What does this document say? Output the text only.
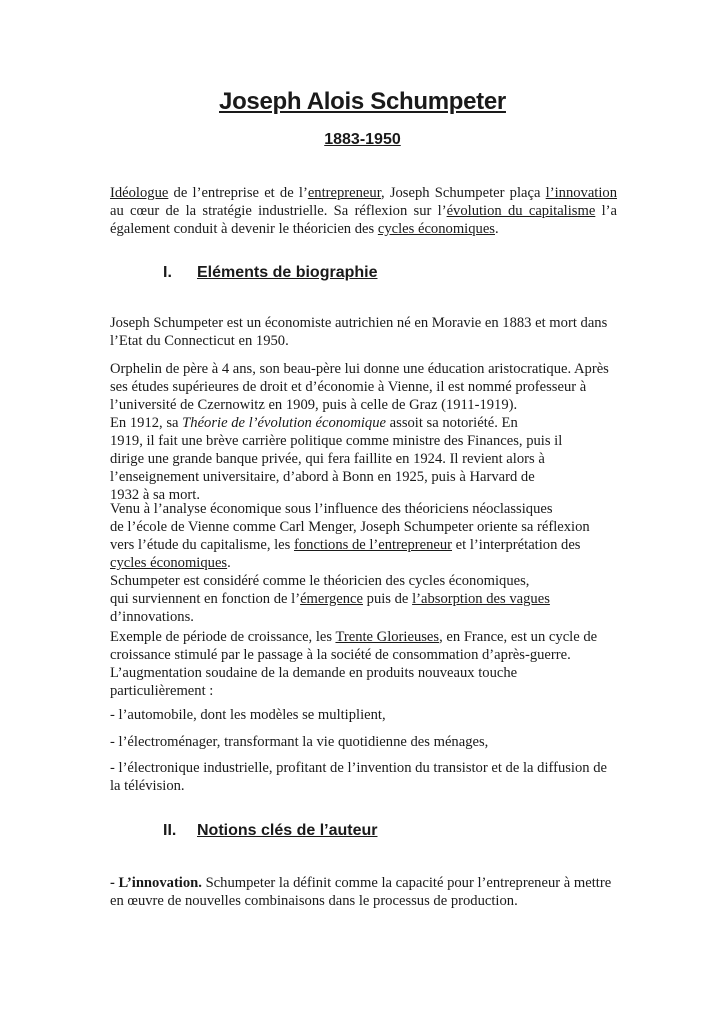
Joseph Alois Schumpeter
1883-1950

Idéologue de l’entreprise et de l’entrepreneur, Joseph Schumpeter plaça l’innovation au cœur de la stratégie industrielle. Sa réflexion sur l’évolution du capitalisme l’a également conduit à devenir le théoricien des cycles économiques.

I. Eléments de biographie
Joseph Schumpeter est un économiste autrichien né en Moravie en 1883 et mort dans
l’Etat du Connecticut en 1950.
Orphelin de père à 4 ans, son beau-père lui donne une éducation aristocratique. Après
ses études supérieures de droit et d’économie à Vienne, il est nommé professeur à
l’université de Czernowitz en 1909, puis à celle de Graz (1911-1919).
En 1912, sa Théorie de l’évolution économique assoit sa notoriété. En
1919, il fait une brève carrière politique comme ministre des Finances, puis il
dirige une grande banque privée, qui fera faillite en 1924. Il revient alors à
l’enseignement universitaire, d’abord à Bonn en 1925, puis à Harvard de
1932 à sa mort.
Venu à l’analyse économique sous l’influence des théoriciens néoclassiques
de l’école de Vienne comme Carl Menger, Joseph Schumpeter oriente sa réflexion
vers l’étude du capitalisme, les fonctions de l’entrepreneur et l’interprétation des
cycles économiques.
Schumpeter est considéré comme le théoricien des cycles économiques,
qui surviennent en fonction de l’émergence puis de l’absorption des vagues
d’innovations.
Exemple de période de croissance, les Trente Glorieuses, en France, est un cycle de
croissance stimulé par le passage à la société de consommation d’après-guerre.
L’augmentation soudaine de la demande en produits nouveaux touche
particulièrement :
- l’automobile, dont les modèles se multiplient,
- l’électroménager, transformant la vie quotidienne des ménages,
- l’électronique industrielle, profitant de l’invention du transistor et de la diffusion de
la télévision.
II. Notions clés de l’auteur
- L’innovation. Schumpeter la définit comme la capacité pour l’entrepreneur à mettre
en œuvre de nouvelles combinaisons dans le processus de production.
